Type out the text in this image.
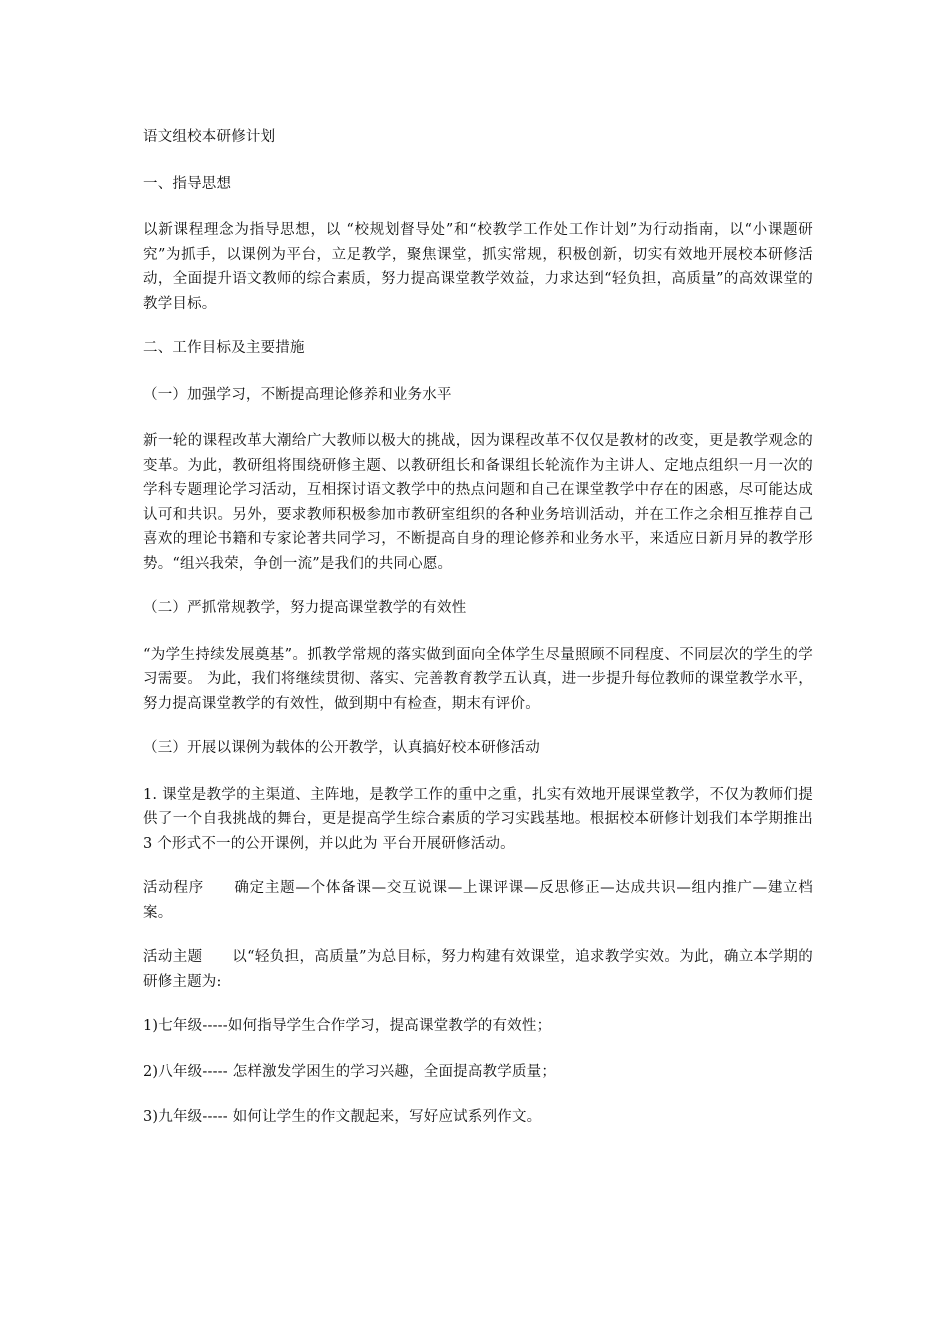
语文组校本研修计划

一、指导思想

以新课程理念为指导思想，以 “校规划督导处”和“校教学工作处工作计划”为行动指南，以“小课题研究”为抓手，以课例为平台，立足教学，聚焦课堂，抓实常规，积极创新，切实有效地开展校本研修活动，全面提升语文教师的综合素质，努力提高课堂教学效益，力求达到“轻负担，高质量”的高效课堂的教学目标。

二、工作目标及主要措施

（一）加强学习，不断提高理论修养和业务水平

新一轮的课程改革大潮给广大教师以极大的挑战，因为课程改革不仅仅是教材的改变，更是教学观念的变革。为此，教研组将围绕研修主题、以教研组长和备课组长轮流作为主讲人、定地点组织一月一次的学科专题理论学习活动，互相探讨语文教学中的热点问题和自己在课堂教学中存在的困惑，尽可能达成认可和共识。另外，要求教师积极参加市教研室组织的各种业务培训活动，并在工作之余相互推荐自己喜欢的理论书籍和专家论著共同学习，不断提高自身的理论修养和业务水平，来适应日新月异的教学形势。“组兴我荣，争创一流”是我们的共同心愿。

（二）严抓常规教学，努力提高课堂教学的有效性

“为学生持续发展奠基”。抓教学常规的落实做到面向全体学生尽量照顾不同程度、不同层次的学生的学习需要。 为此，我们将继续贯彻、落实、完善教育教学五认真，进一步提升每位教师的课堂教学水平，努力提高课堂教学的有效性，做到期中有检查，期末有评价。

（三）开展以课例为载体的公开教学，认真搞好校本研修活动

1. 课堂是教学的主渠道、主阵地，是教学工作的重中之重，扎实有效地开展课堂教学，不仅为教师们提供了一个自我挑战的舞台，更是提高学生综合素质的学习实践基地。根据校本研修计划我们本学期推出 3 个形式不一的公开课例，并以此为 平台开展研修活动。

活动程序　　确定主题—个体备课—交互说课—上课评课—反思修正—达成共识—组内推广—建立档案。

活动主题　　以“轻负担，高质量”为总目标，努力构建有效课堂，追求教学实效。为此，确立本学期的研修主题为:

1)七年级-----如何指导学生合作学习，提高课堂教学的有效性；

2)八年级----- 怎样激发学困生的学习兴趣，全面提高教学质量；

3)九年级----- 如何让学生的作文靓起来，写好应试系列作文。
